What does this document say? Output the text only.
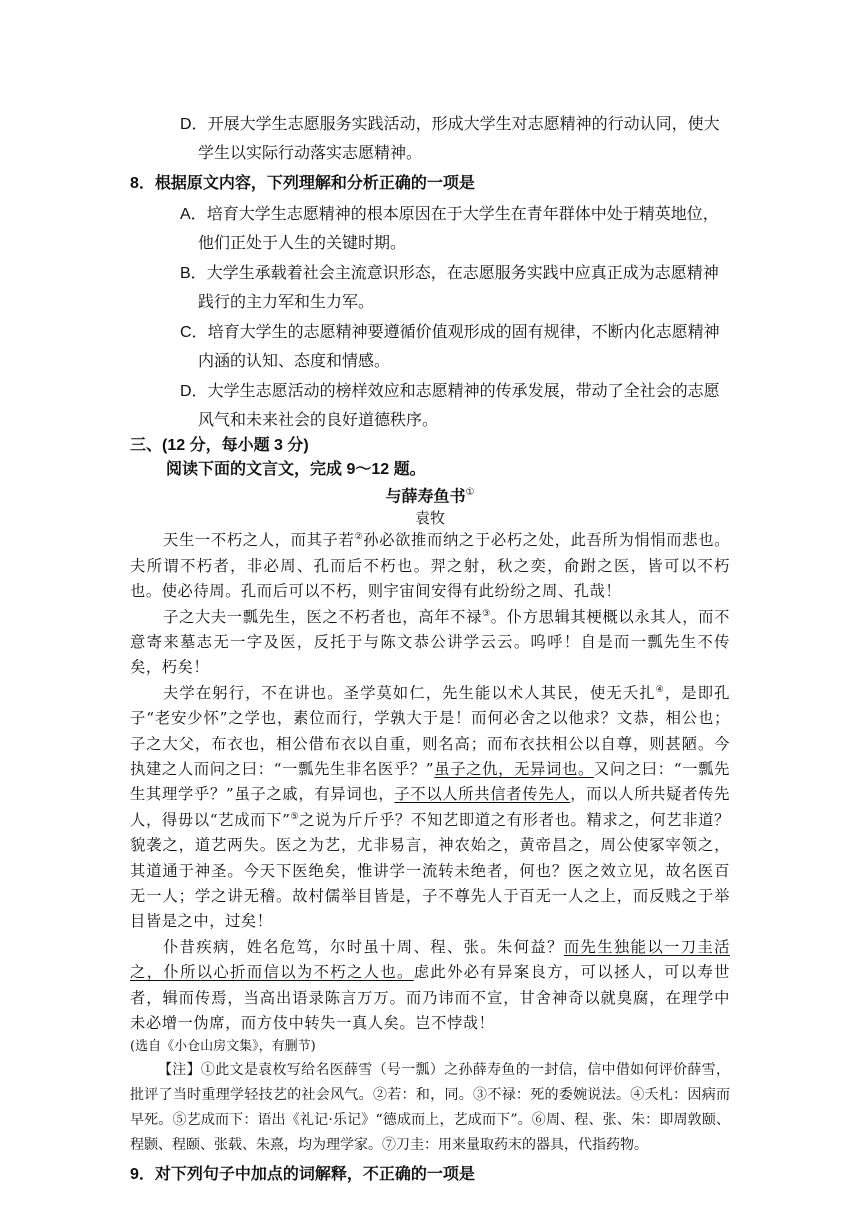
D．开展大学生志愿服务实践活动，形成大学生对志愿精神的行动认同，使大学生以实际行动落实志愿精神。

8．根据原文内容，下列理解和分析正确的一项是

A．培育大学生志愿精神的根本原因在于大学生在青年群体中处于精英地位，他们正处于人生的关键时期。

B．大学生承载着社会主流意识形态，在志愿服务实践中应真正成为志愿精神践行的主力军和生力军。

C．培育大学生的志愿精神要遵循价值观形成的固有规律，不断内化志愿精神内涵的认知、态度和情感。

D．大学生志愿活动的榜样效应和志愿精神的传承发展，带动了全社会的志愿风气和未来社会的良好道德秩序。

三、(12 分，每小题 3 分)

阅读下面的文言文，完成 9～12 题。

与薛寿鱼书①

袁牧

天生一不朽之人，而其子若②孙必欲推而纳之于必朽之处，此吾所为悁悁而悲也。夫所谓不朽者，非必周、孔而后不朽也。羿之射，秋之奕，俞跗之医，皆可以不朽也。使必待周。孔而后可以不朽，则宇宙间安得有此纷纷之周、孔哉！

子之大夫一瓢先生，医之不朽者也，高年不禄③。仆方思辑其梗概以永其人，而不意寄来墓志无一字及医，反托于与陈文恭公讲学云云。呜呼！自是而一瓢先生不传矣，朽矣！

夫学在躬行，不在讲也。圣学莫如仁，先生能以术人其民，使无夭扎④，是即孔子“老安少怀”之学也，素位而行，学孰大于是！而何必舍之以他求？文恭，相公也；子之大父，布衣也，相公借布衣以自重，则名高；而布衣扶相公以自尊，则甚陋。今执建之人而问之曰：“一瓢先生非名医乎？”虽子之仇，无异词也。又问之曰：“一瓢先生其理学乎？”虽子之戚，有异词也，子不以人所共信者传先人，而以人所共疑者传先人，得毋以“艺成而下”⑤之说为斤斤乎？不知艺即道之有形者也。精求之，何艺非道？貌袭之，道艺两失。医之为艺，尤非易言，神农始之，黄帝昌之，周公使冢宰领之，其道通于神圣。今天下医绝矣，惟讲学一流转未绝者，何也？医之效立见，故名医百无一人；学之讲无稽。故村儒举目皆是，子不尊先人于百无一人之上，而反贱之于举目皆是之中，过矣！

仆昔疾病，姓名危笃，尔时虽十周、程、张。朱何益？而先生独能以一刀圭活之，仆所以心折而信以为不朽之人也。虑此外必有异案良方，可以拯人，可以寿世者，辑而传焉，当高出语录陈言万万。而乃讳而不宣，甘舍神奇以就臭腐，在理学中未必增一伪席，而方伎中转失一真人矣。岂不悖哉！

(选自《小仓山房文集》，有删节)

【注】①此文是袁枚写给名医薛雪（号一瓢）之孙薛寿鱼的一封信，信中借如何评价薛雪，批评了当时重理学轻技艺的社会风气。②若：和，同。③不禄：死的委婉说法。④夭札：因病而早死。⑤艺成而下：语出《礼记·乐记》“德成而上，艺成而下”。⑥周、程、张、朱：即周敦颐、程颢、程颐、张载、朱熹，均为理学家。⑦刀圭：用来量取药末的器具，代指药物。

9．对下列句子中加点的词解释，不正确的一项是
